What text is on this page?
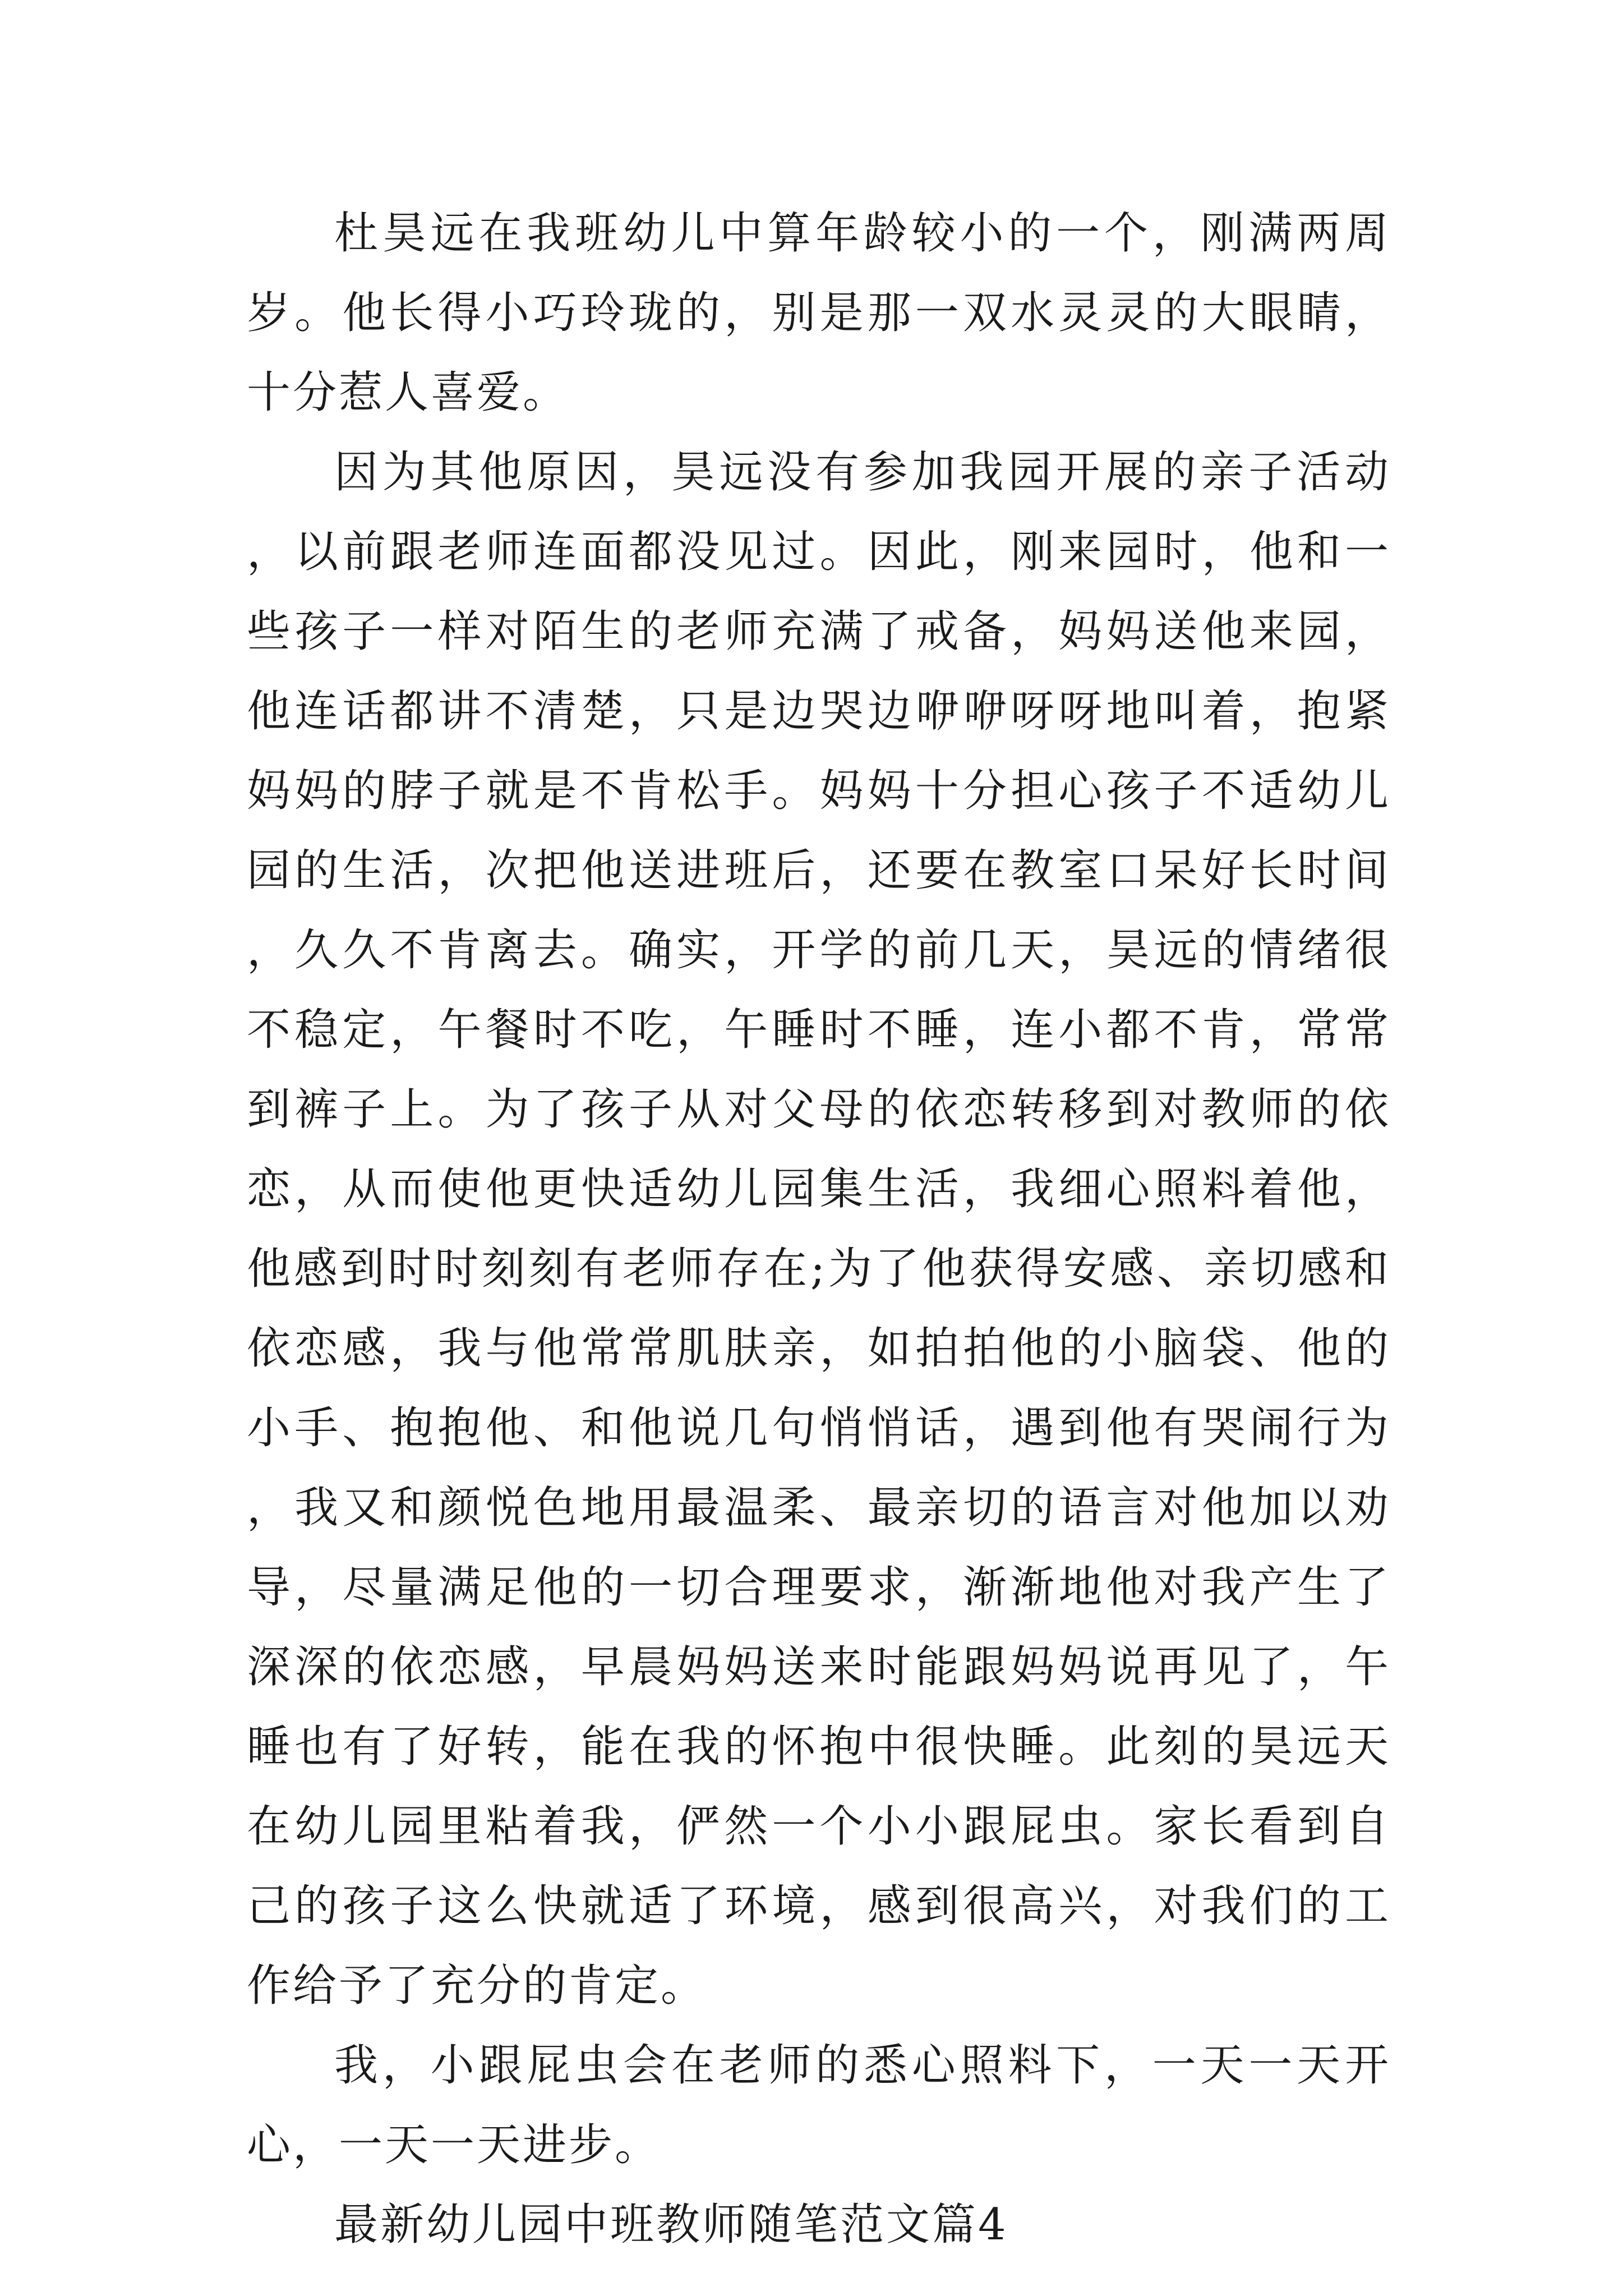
杜昊远在我班幼儿中算年龄较小的一个，刚满两周岁。他长得小巧玲珑的，别是那一双水灵灵的大眼睛，十分惹人喜爱。

因为其他原因，昊远没有参加我园开展的亲子活动，以前跟老师连面都没见过。因此，刚来园时，他和一些孩子一样对陌生的老师充满了戒备，妈妈送他来园，他连话都讲不清楚，只是边哭边咿咿呀呀地叫着，抱紧妈妈的脖子就是不肯松手。妈妈十分担心孩子不适幼儿园的生活，次把他送进班后，还要在教室口呆好长时间，久久不肯离去。确实，开学的前几天，昊远的情绪很不稳定，午餐时不吃，午睡时不睡，连小都不肯，常常到裤子上。为了孩子从对父母的依恋转移到对教师的依恋，从而使他更快适幼儿园集生活，我细心照料着他，他感到时时刻刻有老师存在;为了他获得安感、亲切感和依恋感，我与他常常肌肤亲，如拍拍他的小脑袋、他的小手、抱抱他、和他说几句悄悄话，遇到他有哭闹行为，我又和颜悦色地用最温柔、最亲切的语言对他加以劝导，尽量满足他的一切合理要求，渐渐地他对我产生了深深的依恋感，早晨妈妈送来时能跟妈妈说再见了，午睡也有了好转，能在我的怀抱中很快睡。此刻的昊远天在幼儿园里粘着我，俨然一个小小跟屁虫。家长看到自己的孩子这么快就适了环境，感到很高兴，对我们的工作给予了充分的肯定。

我，小跟屁虫会在老师的悉心照料下，一天一天开心，一天一天进步。

最新幼儿园中班教师随笔范文篇4
